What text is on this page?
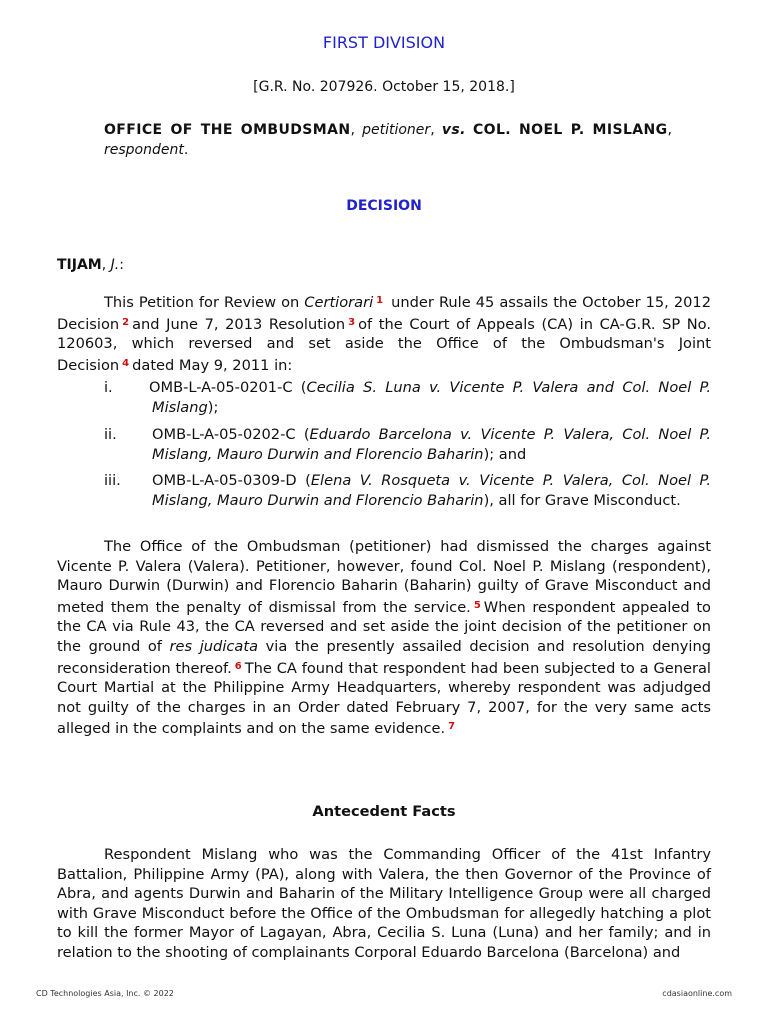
FIRST DIVISION
[G.R. No. 207926. October 15, 2018.]
OFFICE OF THE OMBUDSMAN, petitioner, vs. COL. NOEL P. MISLANG, respondent.
DECISION
TIJAM, J.:
This Petition for Review on Certiorari $^1$ under Rule 45 assails the October 15, 2012 Decision $^2$ and June 7, 2013 Resolution $^3$ of the Court of Appeals (CA) in CA-G.R. SP No. 120603, which reversed and set aside the Office of the Ombudsman's Joint Decision $^4$ dated May 9, 2011 in:
i. OMB-L-A-05-0201-C (Cecilia S. Luna v. Vicente P. Valera and Col. Noel P. Mislang);
ii. OMB-L-A-05-0202-C (Eduardo Barcelona v. Vicente P. Valera, Col. Noel P. Mislang, Mauro Durwin and Florencio Baharin); and
iii. OMB-L-A-05-0309-D (Elena V. Rosqueta v. Vicente P. Valera, Col. Noel P. Mislang, Mauro Durwin and Florencio Baharin), all for Grave Misconduct.
The Office of the Ombudsman (petitioner) had dismissed the charges against Vicente P. Valera (Valera). Petitioner, however, found Col. Noel P. Mislang (respondent), Mauro Durwin (Durwin) and Florencio Baharin (Baharin) guilty of Grave Misconduct and meted them the penalty of dismissal from the service. $^5$ When respondent appealed to the CA via Rule 43, the CA reversed and set aside the joint decision of the petitioner on the ground of res judicata via the presently assailed decision and resolution denying reconsideration thereof. $^6$ The CA found that respondent had been subjected to a General Court Martial at the Philippine Army Headquarters, whereby respondent was adjudged not guilty of the charges in an Order dated February 7, 2007, for the very same acts alleged in the complaints and on the same evidence. $^7$
Antecedent Facts
Respondent Mislang who was the Commanding Officer of the 41st Infantry Battalion, Philippine Army (PA), along with Valera, the then Governor of the Province of Abra, and agents Durwin and Baharin of the Military Intelligence Group were all charged with Grave Misconduct before the Office of the Ombudsman for allegedly hatching a plot to kill the former Mayor of Lagayan, Abra, Cecilia S. Luna (Luna) and her family; and in relation to the shooting of complainants Corporal Eduardo Barcelona (Barcelona) and
CD Technologies Asia, Inc. © 2022	cdasiaonline.com
